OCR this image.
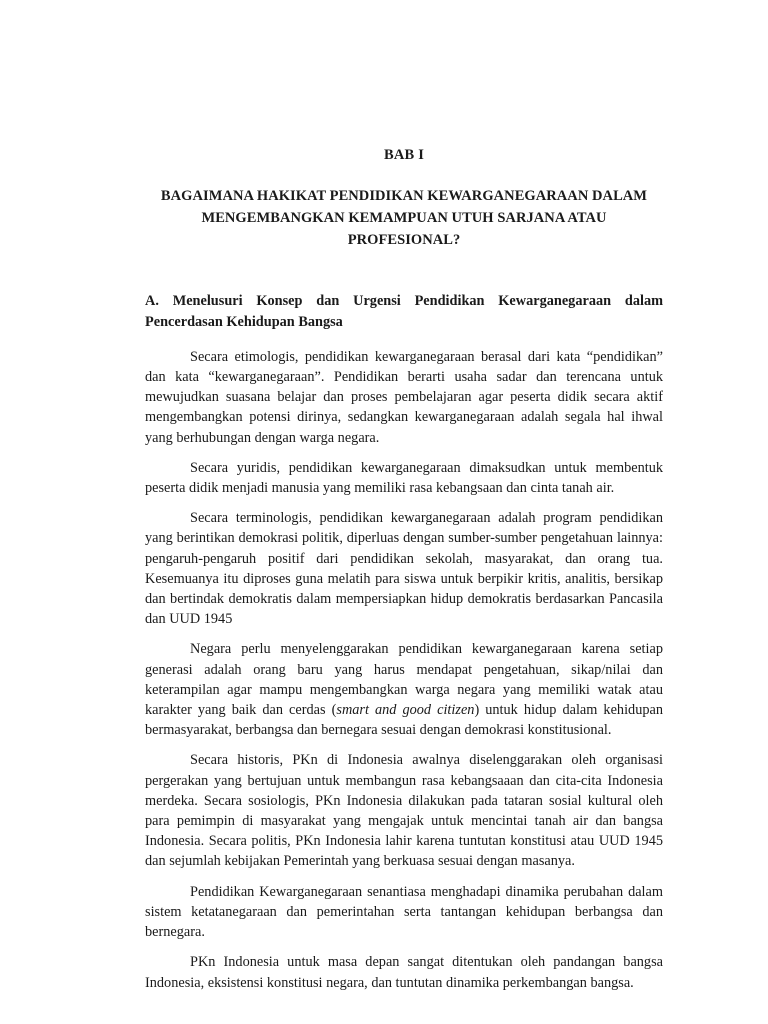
BAB I
BAGAIMANA HAKIKAT PENDIDIKAN KEWARGANEGARAAN DALAM
MENGEMBANGKAN KEMAMPUAN UTUH SARJANA ATAU
PROFESIONAL?
A. Menelusuri Konsep dan Urgensi Pendidikan Kewarganegaraan dalam Pencerdasan Kehidupan Bangsa

Secara etimologis, pendidikan kewarganegaraan berasal dari kata “pendidikan” dan kata “kewarganegaraan”. Pendidikan berarti usaha sadar dan terencana untuk mewujudkan suasana belajar dan proses pembelajaran agar peserta didik secara aktif mengembangkan potensi dirinya, sedangkan kewarganegaraan adalah segala hal ihwal yang berhubungan dengan warga negara.

Secara yuridis, pendidikan kewarganegaraan dimaksudkan untuk membentuk peserta didik menjadi manusia yang memiliki rasa kebangsaan dan cinta tanah air.

Secara terminologis, pendidikan kewarganegaraan adalah program pendidikan yang berintikan demokrasi politik, diperluas dengan sumber-sumber pengetahuan lainnya: pengaruh-pengaruh positif dari pendidikan sekolah, masyarakat, dan orang tua. Kesemuanya itu diproses guna melatih para siswa untuk berpikir kritis, analitis, bersikap dan bertindak demokratis dalam mempersiapkan hidup demokratis berdasarkan Pancasila dan UUD 1945

Negara perlu menyelenggarakan pendidikan kewarganegaraan karena setiap generasi adalah orang baru yang harus mendapat pengetahuan, sikap/nilai dan keterampilan agar mampu mengembangkan warga negara yang memiliki watak atau karakter yang baik dan cerdas (smart and good citizen) untuk hidup dalam kehidupan bermasyarakat, berbangsa dan bernegara sesuai dengan demokrasi konstitusional.

Secara historis, PKn di Indonesia awalnya diselenggarakan oleh organisasi pergerakan yang bertujuan untuk membangun rasa kebangsaaan dan cita-cita Indonesia merdeka. Secara sosiologis, PKn Indonesia dilakukan pada tataran sosial kultural oleh para pemimpin di masyarakat yang mengajak untuk mencintai tanah air dan bangsa Indonesia. Secara politis, PKn Indonesia lahir karena tuntutan konstitusi atau UUD 1945 dan sejumlah kebijakan Pemerintah yang berkuasa sesuai dengan masanya.

Pendidikan Kewarganegaraan senantiasa menghadapi dinamika perubahan dalam sistem ketatanegaraan dan pemerintahan serta tantangan kehidupan berbangsa dan bernegara.

PKn Indonesia untuk masa depan sangat ditentukan oleh pandangan bangsa Indonesia, eksistensi konstitusi negara, dan tuntutan dinamika perkembangan bangsa.
